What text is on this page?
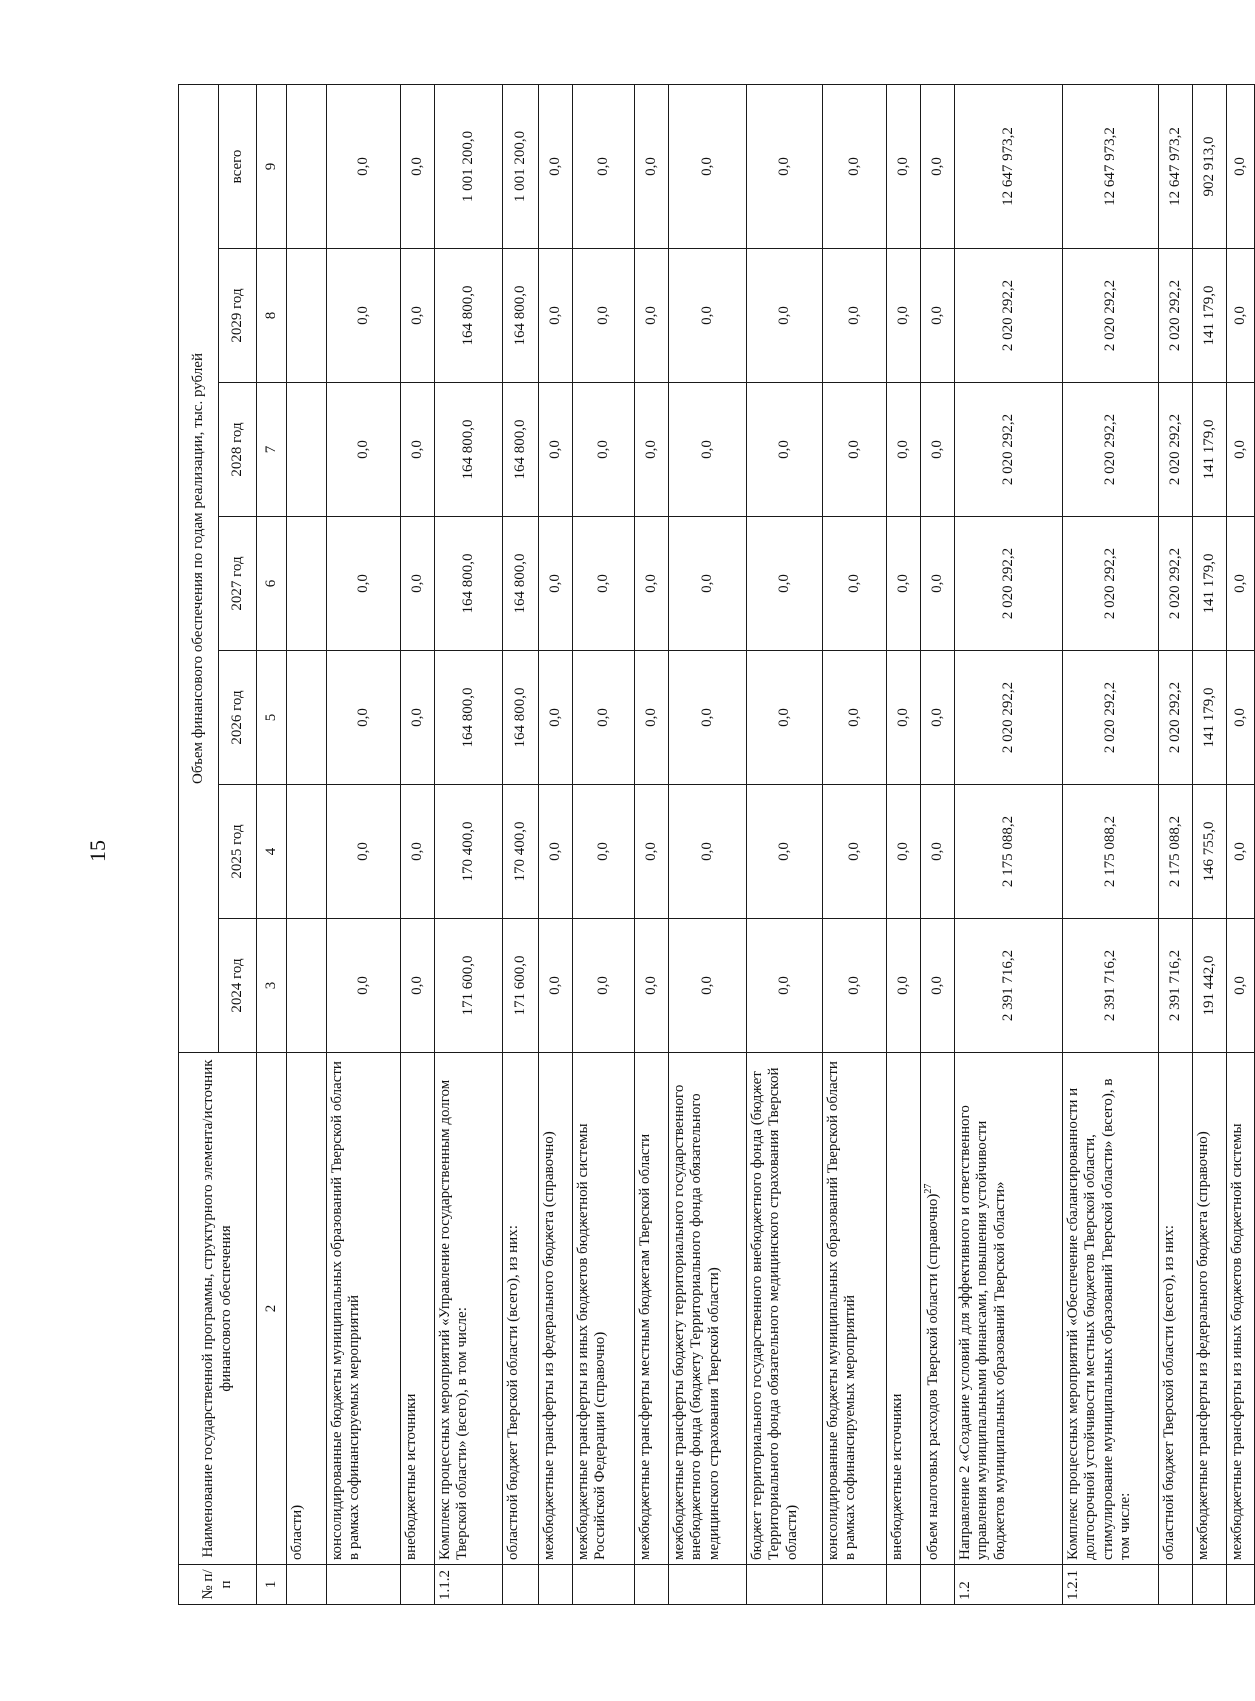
15
№ п/п	Наименование государственной программы, структурного элемента/источник финансового обеспечения	Объем финансового обеспечения по годам реализации, тыс. рублей						
		2024 год	2025 год	2026 год	2027 год	2028 год	2029 год	всего
1	2	3	4	5	6	7	8	9
	области)							
	консолидированные бюджеты муниципальных образований Тверской области в рамках софинансируемых мероприятий	0,0	0,0	0,0	0,0	0,0	0,0	0,0
	внебюджетные источники	0,0	0,0	0,0	0,0	0,0	0,0	0,0
1.1.2	Комплекс процессных мероприятий «Управление государственным долгом Тверской области» (всего), в том числе:	171 600,0	170 400,0	164 800,0	164 800,0	164 800,0	164 800,0	1 001 200,0
	областной бюджет Тверской области (всего), из них:	171 600,0	170 400,0	164 800,0	164 800,0	164 800,0	164 800,0	1 001 200,0
	межбюджетные трансферты из федерального бюджета (справочно)	0,0	0,0	0,0	0,0	0,0	0,0	0,0
	межбюджетные трансферты из иных бюджетов бюджетной системы Российской Федерации (справочно)	0,0	0,0	0,0	0,0	0,0	0,0	0,0
	межбюджетные трансферты местным бюджетам Тверской области	0,0	0,0	0,0	0,0	0,0	0,0	0,0
	межбюджетные трансферты бюджету территориального государственного внебюджетного фонда (бюджету Территориального фонда обязательного медицинского страхования Тверской области)	0,0	0,0	0,0	0,0	0,0	0,0	0,0
	бюджет территориального государственного внебюджетного фонда (бюджет Территориального фонда обязательного медицинского страхования Тверской области)	0,0	0,0	0,0	0,0	0,0	0,0	0,0
	консолидированные бюджеты муниципальных образований Тверской области в рамках софинансируемых мероприятий	0,0	0,0	0,0	0,0	0,0	0,0	0,0
	внебюджетные источники	0,0	0,0	0,0	0,0	0,0	0,0	0,0
	объем налоговых расходов Тверской области (справочно)$^{27}$	0,0	0,0	0,0	0,0	0,0	0,0	0,0
1.2	Направление 2 «Создание условий для эффективного и ответственного управления муниципальными финансами, повышения устойчивости бюджетов муниципальных образований Тверской области»	2 391 716,2	2 175 088,2	2 020 292,2	2 020 292,2	2 020 292,2	2 020 292,2	12 647 973,2
1.2.1	Комплекс процессных мероприятий «Обеспечение сбалансированности и долгосрочной устойчивости местных бюджетов Тверской области, стимулирование муниципальных образований Тверской области» (всего), в том числе:	2 391 716,2	2 175 088,2	2 020 292,2	2 020 292,2	2 020 292,2	2 020 292,2	12 647 973,2
	областной бюджет Тверской области (всего), из них:	2 391 716,2	2 175 088,2	2 020 292,2	2 020 292,2	2 020 292,2	2 020 292,2	12 647 973,2
	межбюджетные трансферты из федерального бюджета (справочно)	191 442,0	146 755,0	141 179,0	141 179,0	141 179,0	141 179,0	902 913,0
	межбюджетные трансферты из иных бюджетов бюджетной системы	0,0	0,0	0,0	0,0	0,0	0,0	0,0
